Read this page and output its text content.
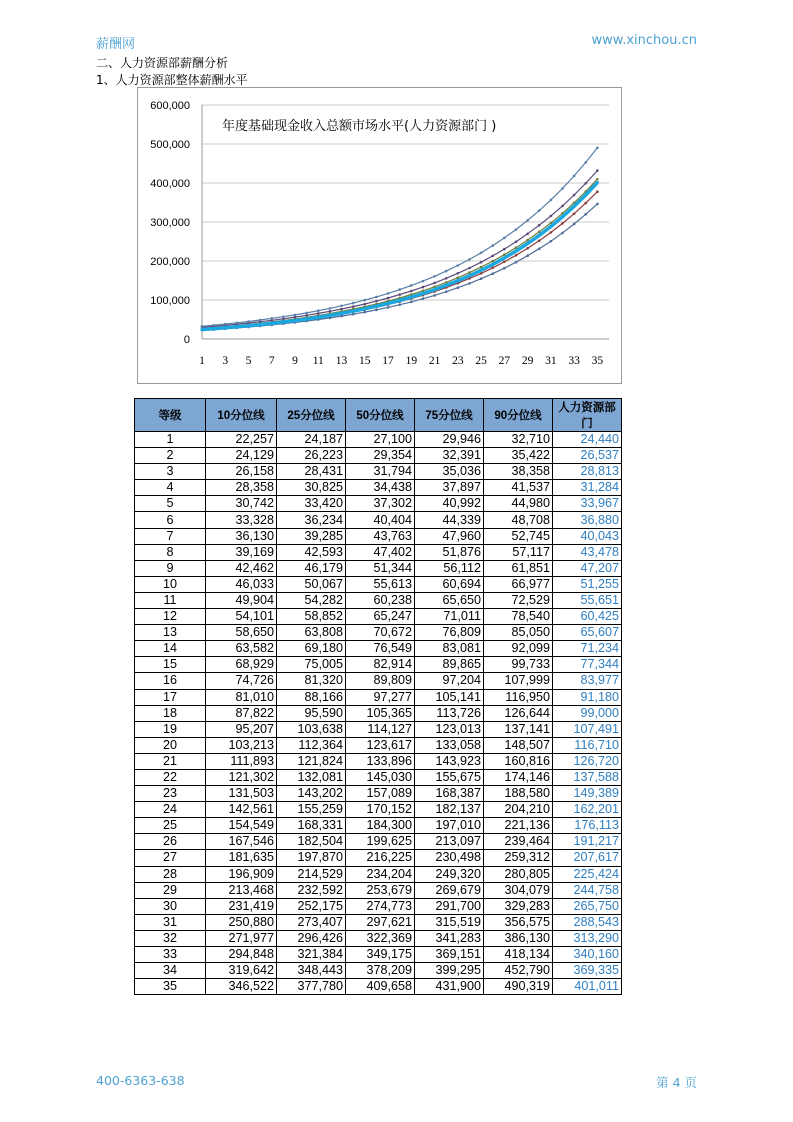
薪酬网	www.xinchou.cn
二、人力资源部薪酬分析
1、人力资源部整体薪酬水平
0
100,000
200,000
300,000
400,000
500,000
600,000
1 3 5 7 9 11 13 15 17 19 21 23 25 27 29 31 33 35
年度基础现金收入总额市场水平(人力资源部门 )
等级	10分位线	25分位线	50分位线	75分位线	90分位线	人力资源部门
1	22,257	24,187	27,100	29,946	32,710	24,440
2	24,129	26,223	29,354	32,391	35,422	26,537
3	26,158	28,431	31,794	35,036	38,358	28,813
4	28,358	30,825	34,438	37,897	41,537	31,284
5	30,742	33,420	37,302	40,992	44,980	33,967
6	33,328	36,234	40,404	44,339	48,708	36,880
7	36,130	39,285	43,763	47,960	52,745	40,043
8	39,169	42,593	47,402	51,876	57,117	43,478
9	42,462	46,179	51,344	56,112	61,851	47,207
10	46,033	50,067	55,613	60,694	66,977	51,255
11	49,904	54,282	60,238	65,650	72,529	55,651
12	54,101	58,852	65,247	71,011	78,540	60,425
13	58,650	63,808	70,672	76,809	85,050	65,607
14	63,582	69,180	76,549	83,081	92,099	71,234
15	68,929	75,005	82,914	89,865	99,733	77,344
16	74,726	81,320	89,809	97,204	107,999	83,977
17	81,010	88,166	97,277	105,141	116,950	91,180
18	87,822	95,590	105,365	113,726	126,644	99,000
19	95,207	103,638	114,127	123,013	137,141	107,491
20	103,213	112,364	123,617	133,058	148,507	116,710
21	111,893	121,824	133,896	143,923	160,816	126,720
22	121,302	132,081	145,030	155,675	174,146	137,588
23	131,503	143,202	157,089	168,387	188,580	149,389
24	142,561	155,259	170,152	182,137	204,210	162,201
25	154,549	168,331	184,300	197,010	221,136	176,113
26	167,546	182,504	199,625	213,097	239,464	191,217
27	181,635	197,870	216,225	230,498	259,312	207,617
28	196,909	214,529	234,204	249,320	280,805	225,424
29	213,468	232,592	253,679	269,679	304,079	244,758
30	231,419	252,175	274,773	291,700	329,283	265,750
31	250,880	273,407	297,621	315,519	356,575	288,543
32	271,977	296,426	322,369	341,283	386,130	313,290
33	294,848	321,384	349,175	369,151	418,134	340,160
34	319,642	348,443	378,209	399,295	452,790	369,335
35	346,522	377,780	409,658	431,900	490,319	401,011
400-6363-638	第 4 页
